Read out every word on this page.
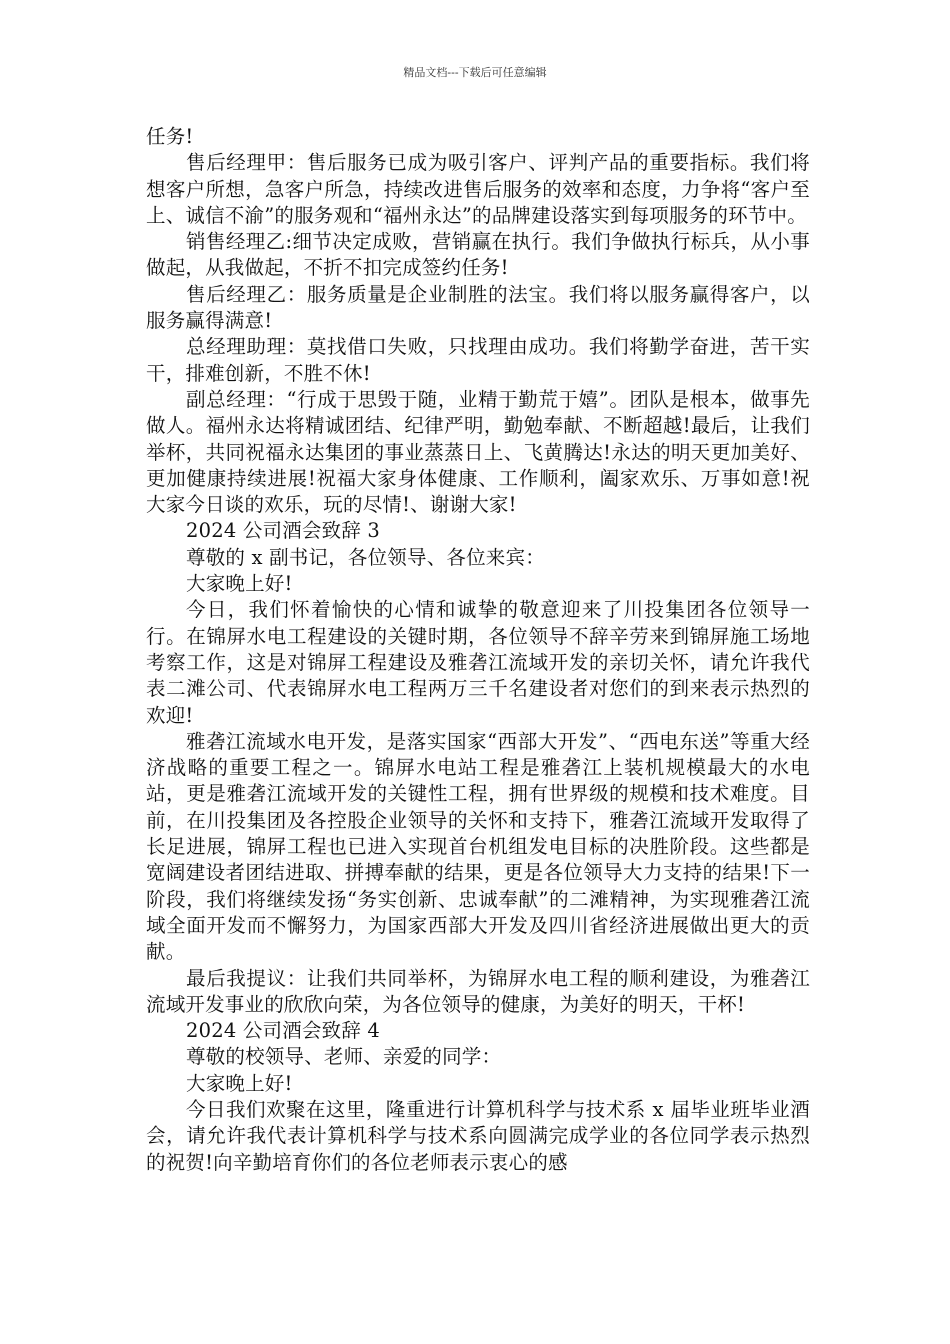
精品文档---下载后可任意编辑

任务!

售后经理甲：售后服务已成为吸引客户、评判产品的重要指标。我们将想客户所想，急客户所急，持续改进售后服务的效率和态度，力争将“客户至上、诚信不渝”的服务观和“福州永达”的品牌建设落实到每项服务的环节中。

销售经理乙:细节决定成败，营销赢在执行。我们争做执行标兵，从小事做起，从我做起，不折不扣完成签约任务!

售后经理乙：服务质量是企业制胜的法宝。我们将以服务赢得客户，以服务赢得满意!

总经理助理：莫找借口失败，只找理由成功。我们将勤学奋进，苦干实干，排难创新，不胜不休!

副总经理：“行成于思毁于随，业精于勤荒于嬉”。团队是根本，做事先做人。福州永达将精诚团结、纪律严明，勤勉奉献、不断超越!最后，让我们举杯，共同祝福永达集团的事业蒸蒸日上、飞黄腾达!永达的明天更加美好、更加健康持续进展!祝福大家身体健康、工作顺利，阖家欢乐、万事如意!祝大家今日谈的欢乐，玩的尽情!、谢谢大家!

2024 公司酒会致辞 3

尊敬的 x 副书记，各位领导、各位来宾：

大家晚上好!

今日，我们怀着愉快的心情和诚挚的敬意迎来了川投集团各位领导一行。在锦屏水电工程建设的关键时期，各位领导不辞辛劳来到锦屏施工场地考察工作，这是对锦屏工程建设及雅砻江流域开发的亲切关怀，请允许我代表二滩公司、代表锦屏水电工程两万三千名建设者对您们的到来表示热烈的欢迎!

雅砻江流域水电开发，是落实国家“西部大开发”、“西电东送”等重大经济战略的重要工程之一。锦屏水电站工程是雅砻江上装机规模最大的水电站，更是雅砻江流域开发的关键性工程，拥有世界级的规模和技术难度。目前，在川投集团及各控股企业领导的关怀和支持下，雅砻江流域开发取得了长足进展，锦屏工程也已进入实现首台机组发电目标的决胜阶段。这些都是宽阔建设者团结进取、拼搏奉献的结果，更是各位领导大力支持的结果!下一阶段，我们将继续发扬“务实创新、忠诚奉献”的二滩精神，为实现雅砻江流域全面开发而不懈努力，为国家西部大开发及四川省经济进展做出更大的贡献。

最后我提议：让我们共同举杯，为锦屏水电工程的顺利建设，为雅砻江流域开发事业的欣欣向荣，为各位领导的健康，为美好的明天，干杯!

2024 公司酒会致辞 4

尊敬的校领导、老师、亲爱的同学：

大家晚上好!

今日我们欢聚在这里，隆重进行计算机科学与技术系 x 届毕业班毕业酒会，请允许我代表计算机科学与技术系向圆满完成学业的各位同学表示热烈的祝贺!向辛勤培育你们的各位老师表示衷心的感
